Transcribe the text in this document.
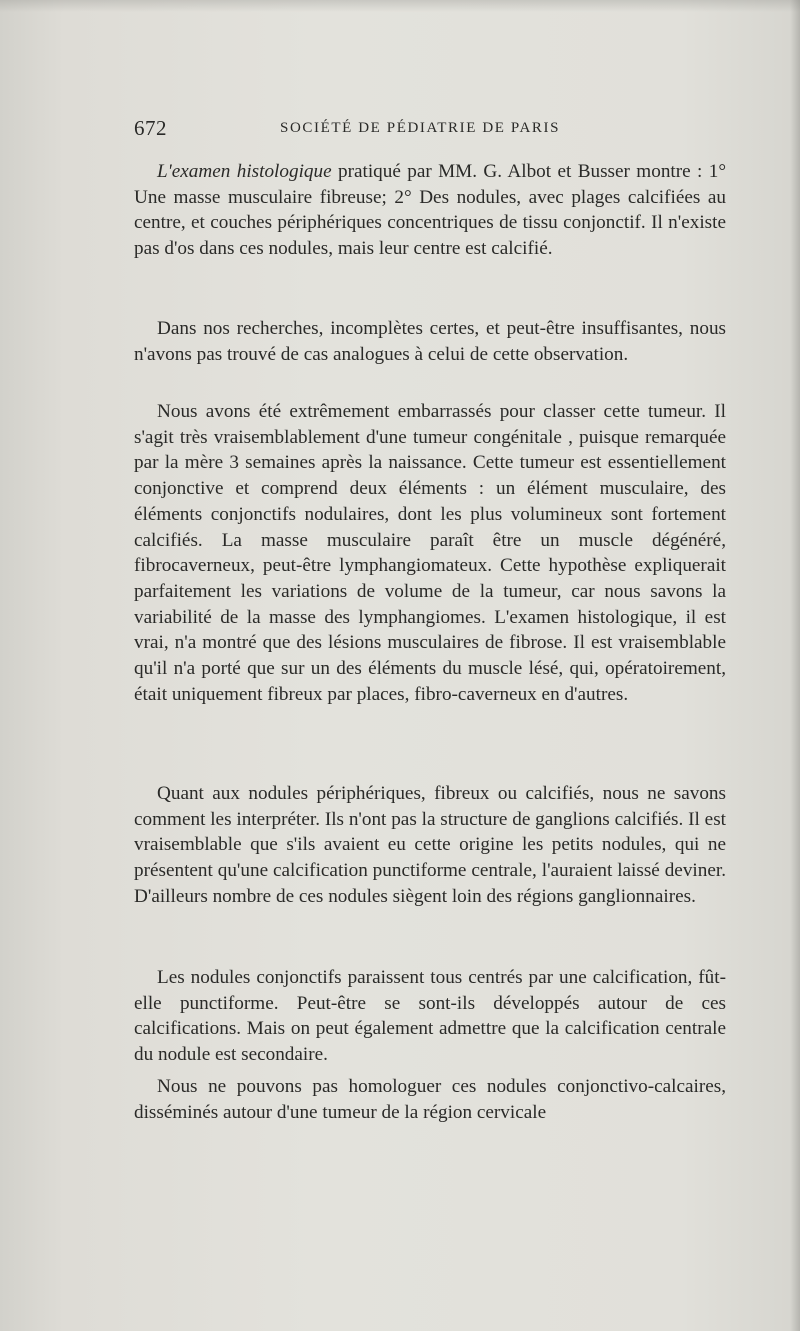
672	SOCIÉTÉ DE PÉDIATRIE DE PARIS

L'examen histologique pratiqué par MM. G. Albot et Busser montre : 1° Une masse musculaire fibreuse; 2° Des nodules, avec plages calcifiées au centre, et couches périphériques concentriques de tissu conjonctif. Il n'existe pas d'os dans ces nodules, mais leur centre est calcifié.

Dans nos recherches, incomplètes certes, et peut-être insuffisantes, nous n'avons pas trouvé de cas analogues à celui de cette observation.

Nous avons été extrêmement embarrassés pour classer cette tumeur. Il s'agit très vraisemblablement d'une tumeur congénitale , puisque remarquée par la mère 3 semaines après la naissance. Cette tumeur est essentiellement conjonctive et comprend deux éléments : un élément musculaire, des éléments conjonctifs nodulaires, dont les plus volumineux sont fortement calcifiés. La masse musculaire paraît être un muscle dégénéré, fibrocaverneux, peut-être lymphangiomateux. Cette hypothèse expliquerait parfaitement les variations de volume de la tumeur, car nous savons la variabilité de la masse des lymphangiomes. L'examen histologique, il est vrai, n'a montré que des lésions musculaires de fibrose. Il est vraisemblable qu'il n'a porté que sur un des éléments du muscle lésé, qui, opératoirement, était uniquement fibreux par places, fibro-caverneux en d'autres.

Quant aux nodules périphériques, fibreux ou calcifiés, nous ne savons comment les interpréter. Ils n'ont pas la structure de ganglions calcifiés. Il est vraisemblable que s'ils avaient eu cette origine les petits nodules, qui ne présentent qu'une calcification punctiforme centrale, l'auraient laissé deviner. D'ailleurs nombre de ces nodules siègent loin des régions ganglionnaires.

Les nodules conjonctifs paraissent tous centrés par une calcification, fût-elle punctiforme. Peut-être se sont-ils développés autour de ces calcifications. Mais on peut également admettre que la calcification centrale du nodule est secondaire.

Nous ne pouvons pas homologuer ces nodules conjonctivo-calcaires, disséminés autour d'une tumeur de la région cervicale
